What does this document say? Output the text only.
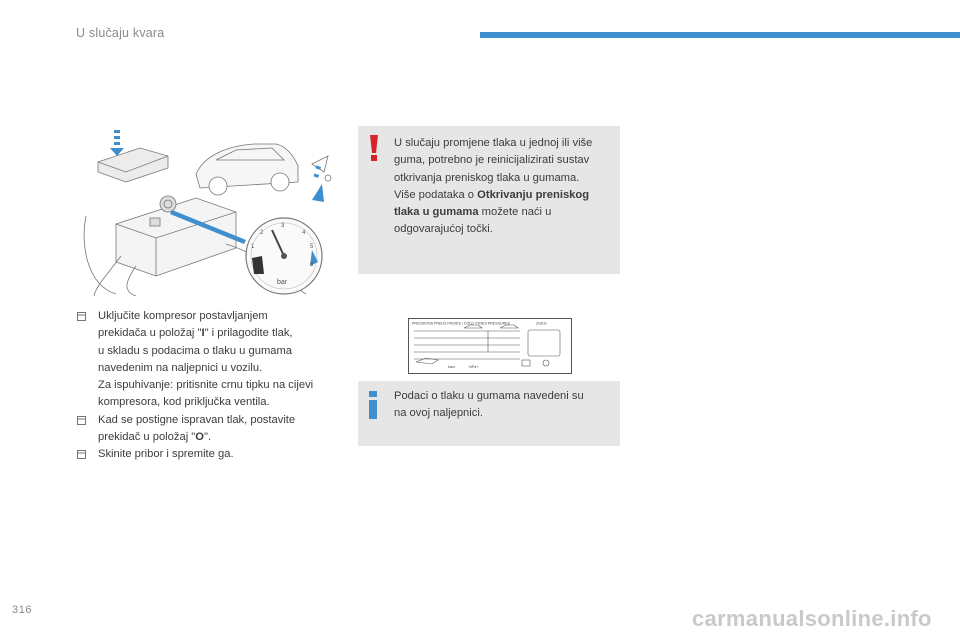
U slučaju kvara
1
2
3
4
5
6
bar
U slučaju promjene tlaka u jednoj ili više
guma, potrebno je reinicijalizirati sustav
otkrivanja preniskog tlaka u gumama.
Više podataka o Otkrivanju preniskog
tlaka u gumama možete naći u
odgovarajućoj točki.
PRESSIONS PNEUS FROIDS / COLD TYRES PRESSURES	ZGEG
bars	+kPa+
Podaci o tlaku u gumama navedeni su
na ovoj naljepnici.
Uključite kompresor postavljanjem
prekidača u položaj "I" i prilagodite tlak,
u skladu s podacima o tlaku u gumama
navedenim na naljepnici u vozilu.
Za ispuhivanje: pritisnite crnu tipku na cijevi
kompresora, kod priključka ventila.
Kad se postigne ispravan tlak, postavite
prekidač u položaj "O".
Skinite pribor i spremite ga.
316	carmanualsonline.info
